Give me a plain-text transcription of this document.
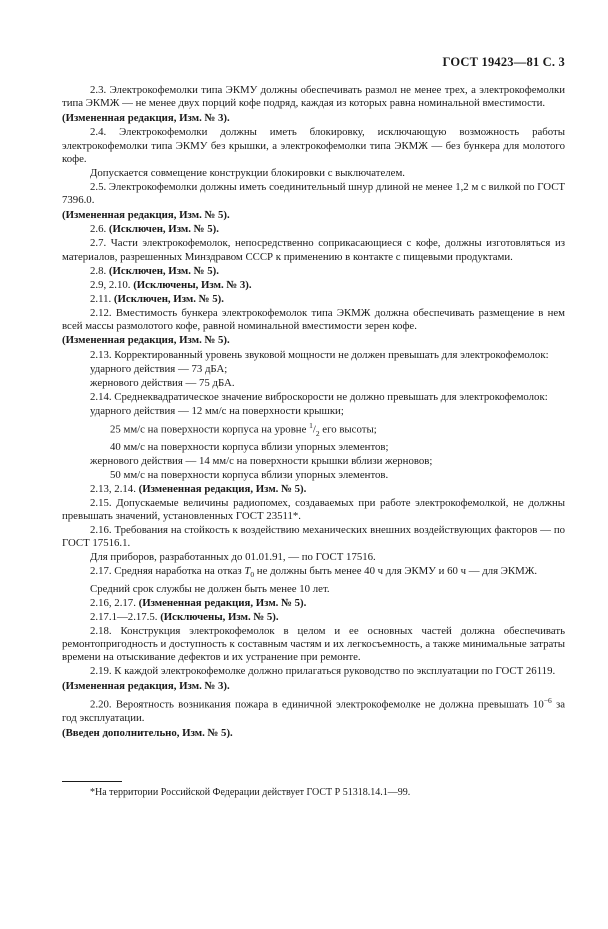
ГОСТ 19423—81 С. 3
2.3. Электрокофемолки типа ЭКМУ должны обеспечивать размол не менее трех, а электрокофемолки типа ЭКМЖ — не менее двух порций кофе подряд, каждая из которых равна номинальной вместимости.
(Измененная редакция, Изм. № 3).
2.4. Электрокофемолки должны иметь блокировку, исключающую возможность работы электрокофемолки типа ЭКМУ без крышки, а электрокофемолки типа ЭКМЖ — без бункера для молотого кофе.
Допускается совмещение конструкции блокировки с выключателем.
2.5. Электрокофемолки должны иметь соединительный шнур длиной не менее 1,2 м с вилкой по ГОСТ 7396.0.
(Измененная редакция, Изм. № 5).
2.6. (Исключен, Изм. № 5).
2.7. Части электрокофемолок, непосредственно соприкасающиеся с кофе, должны изготовляться из материалов, разрешенных Минздравом СССР к применению в контакте с пищевыми продуктами.
2.8. (Исключен, Изм. № 5).
2.9, 2.10. (Исключены, Изм. № 3).
2.11. (Исключен, Изм. № 5).
2.12. Вместимость бункера электрокофемолок типа ЭКМЖ должна обеспечивать размещение в нем всей массы размолотого кофе, равной номинальной вместимости зерен кофе.
(Измененная редакция, Изм. № 5).
2.13. Корректированный уровень звуковой мощности не должен превышать для электрокофемолок:
ударного действия — 73 дБА;
жернового действия — 75 дБА.
2.14. Среднеквадратическое значение виброскорости не должно превышать для электрокофемолок:
ударного действия — 12 мм/с на поверхности крышки;
25 мм/с на поверхности корпуса на уровне $^1/_2$ его высоты;
40 мм/с на поверхности корпуса вблизи упорных элементов;
жернового действия — 14 мм/с на поверхности крышки вблизи жерновов;
50 мм/с на поверхности корпуса вблизи упорных элементов.
2.13, 2.14. (Измененная редакция, Изм. № 5).
2.15. Допускаемые величины радиопомех, создаваемых при работе электрокофемолкой, не должны превышать значений, установленных ГОСТ 23511*.
2.16. Требования на стойкость к воздействию механических внешних воздействующих факторов — по ГОСТ 17516.1.
Для приборов, разработанных до 01.01.91, — по ГОСТ 17516.
2.17. Средняя наработка на отказ $T_0$ не должны быть менее 40 ч для ЭКМУ и 60 ч — для ЭКМЖ.
Средний срок службы не должен быть менее 10 лет.
2.16, 2.17. (Измененная редакция, Изм. № 5).
2.17.1—2.17.5. (Исключены, Изм. № 5).
2.18. Конструкция электрокофемолок в целом и ее основных частей должна обеспечивать ремонтопригодность и доступность к составным частям и их легкосъемность, а также минимальные затраты времени на отыскивание дефектов и их устранение при ремонте.
2.19. К каждой электрокофемолке должно прилагаться руководство по эксплуатации по ГОСТ 26119.
(Измененная редакция, Изм. № 3).
2.20. Вероятность возникания пожара в единичной электрокофемолке не должна превышать $10^{-6}$ за год эксплуатации.
(Введен дополнительно, Изм. № 5).
*На территории Российской Федерации действует ГОСТ Р 51318.14.1—99.
